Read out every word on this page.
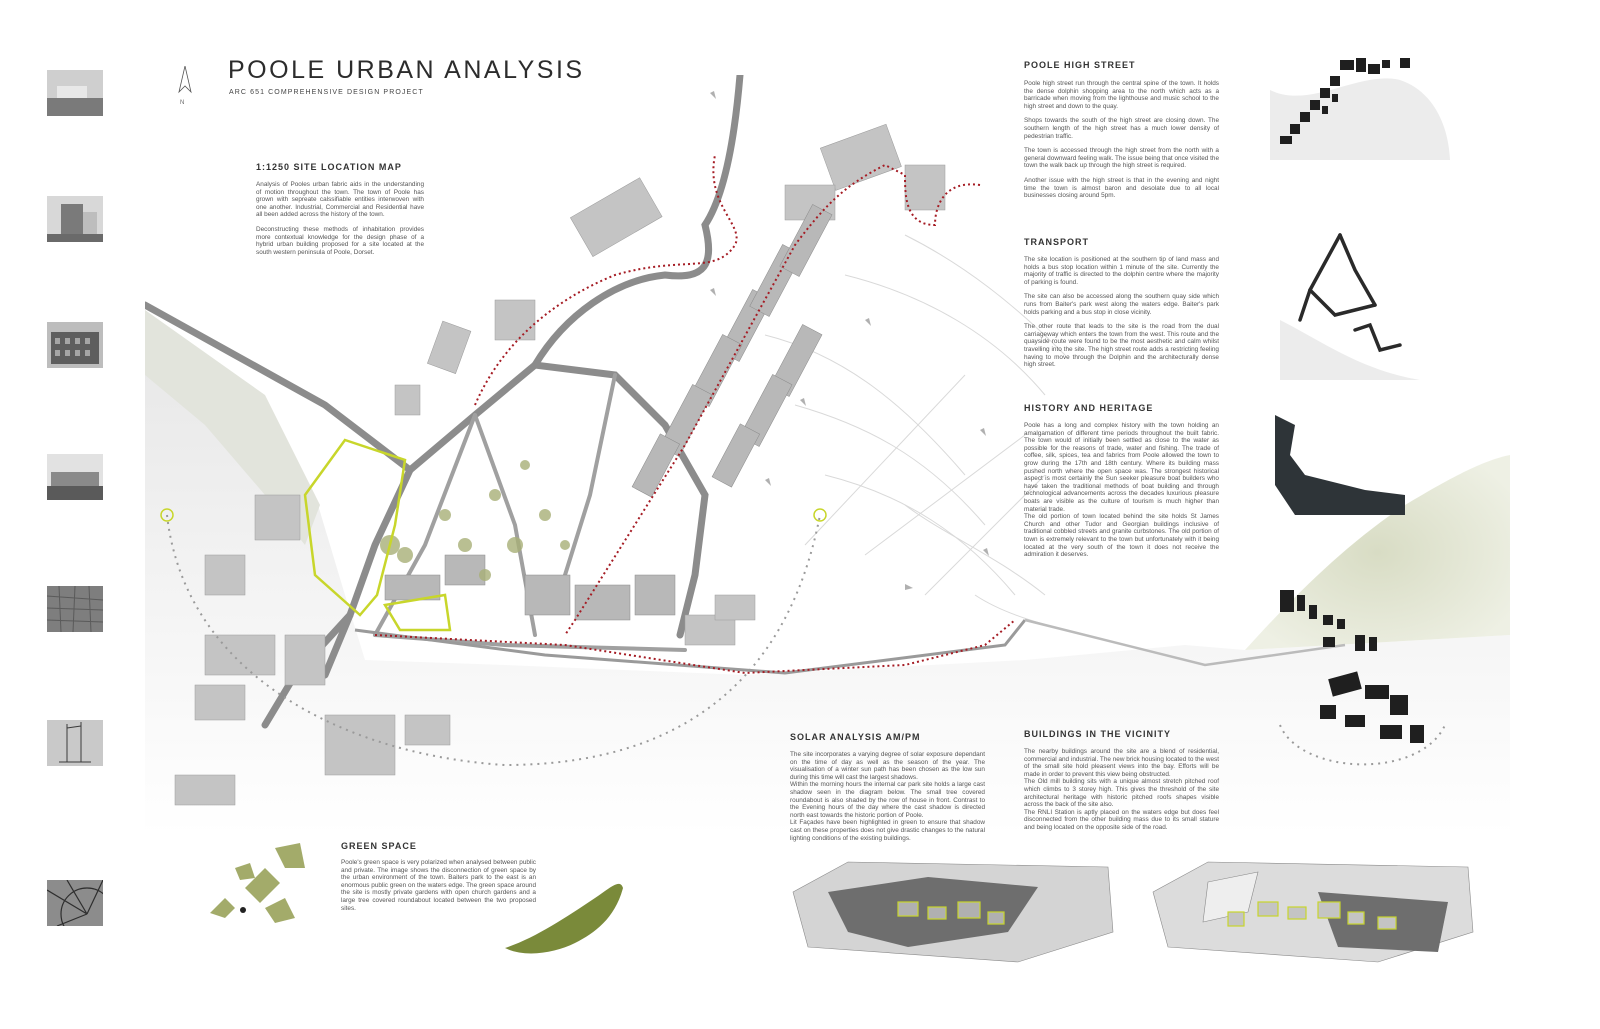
N
POOLE URBAN ANALYSIS
ARC 651 COMPREHENSIVE DESIGN PROJECT
1:1250 SITE LOCATION MAP
Analysis of Pooles urban fabric aids in the understanding of motion throughout the town. The town of Poole has grown with sepreate calssifiable entities interwoven with one another. Industrial, Commercial and Residential have all been added across the history of the town.
Deconstructing these methods of inhabitation provides more contextual knowledge for the design phase of a hybrid urban building proposed for a site located at the south western peninsula of Poole, Dorset.
POOLE HIGH STREET
Poole high street run through the central spine of the town. It holds the dense dolphin shopping area to the north which acts as a barricade when moving from the lighthouse and music school to the high street and down to the quay.
Shops towards the south of the high street are closing down. The southern length of the high street has a much lower density of pedestrian traffic.
The town is accessed through the high street from the north with a general downward feeling walk. The issue being that once visited the town the walk back up through the high street is required.
Another issue with the high street is that in the evening and night time the town is almost baron and desolate due to all local businesses closing around 5pm.
TRANSPORT
The site location is positioned at the southern tip of land mass and holds a bus stop location within 1 minute of the site. Currently the majority of traffic is directed to the dolphin centre where the majority of parking is found.
The site can also be accessed along the southern quay side which runs from Baiter's park west along the waters edge. Baiter's park holds parking and a bus stop in close vicinity.
The other route that leads to the site is the road from the dual carriageway which enters the town from the west. This route and the quayside route were found to be the most aesthetic and calm whilst travelling into the site. The high street route adds a restricting feeling having to move through the Dolphin and the architecturally dense high street.
HISTORY AND HERITAGE
Poole has a long and complex history with the town holding an amalgamation of different time periods throughout the built fabric. The town would of initially been settled as close to the water as possible for the reasons of trade, water and fishing. The trade of coffee, silk, spices, tea and fabrics from Poole allowed the town to grow during the 17th and 18th century. Where its building mass pushed north where the open space was. The strongest historical aspect is most certainly the Sun seeker pleasure boat builders who have taken the traditional methods of boat building and through technological advancements across the decades luxurious pleasure boats are visible as the culture of tourism is much higher than material trade.
The old portion of town located behind the site holds St James Church and other Tudor and Georgian buildings inclusive of traditional cobbled streets and granite curbstones. The old portion of town is extremely relevant to the town but unfortunately with it being located at the very south of the town it does not receive the admiration it deserves.
SOLAR ANALYSIS AM/PM
The site incorporates a varying degree of solar exposure dependant on the time of day as well as the season of the year. The visualisation of a winter sun path has been chosen as the low sun during this time will cast the largest shadows.
Within the morning hours the internal car park site holds a large cast shadow seen in the diagram below. The small tree covered roundabout is also shaded by the row of house in front. Contrast to the Evening hours of the day where the cast shadow is directed north east towards the historic portion of Poole.
Lit Façades have been highlighted in green to ensure that shadow cast on these properties does not give drastic changes to the natural lighting conditions of the existing buildings.
BUILDINGS IN THE VICINITY
The nearby buildings around the site are a blend of residential, commercial and industrial. The new brick housing located to the west of the small site hold pleasent views into the bay. Efforts will be made in order to prevent this view being obstructed.
The Old mill building sits with a unique almost stretch pitched roof which climbs to 3 storey high. This gives the threshold of the site architectural heritage with historic pitched roofs shapes visible across the back of the site also.
The RNLI Station is aptly placed on the waters edge but does feel disconnected from the other building mass due to its small stature and being located on the opposite side of the road.
GREEN SPACE
Poole's green space is very polarized when analysed between public and private. The image shows the disconnection of green space by the urban environment of the town. Baiters park to the east is an enormous public green on the waters edge. The green space around the site is mostly private gardens with open church gardens and a large tree covered roundabout located between the two proposed sites.
